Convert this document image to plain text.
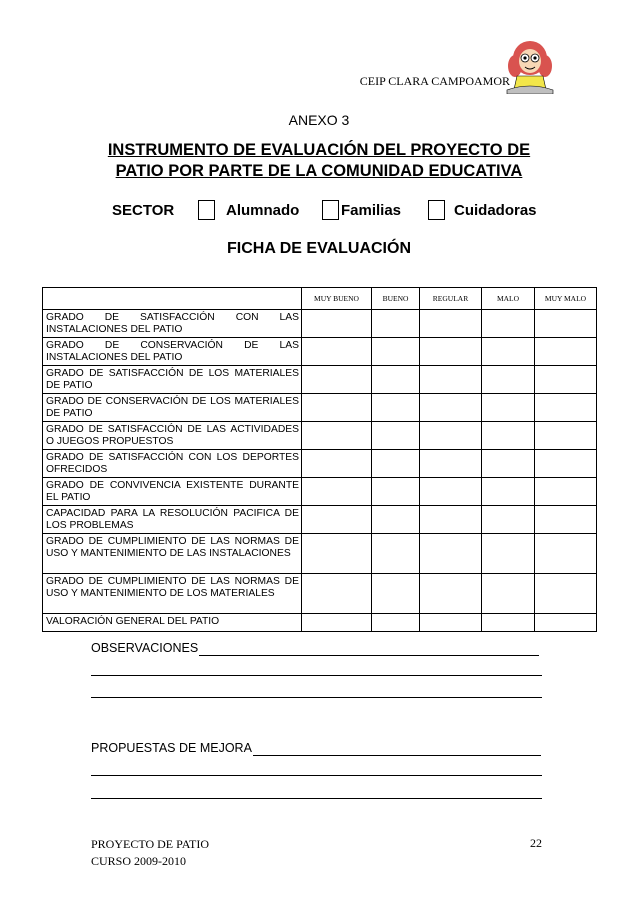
CEIP CLARA CAMPOAMOR
ANEXO 3
INSTRUMENTO DE EVALUACIÓN DEL PROYECTO DE
PATIO POR PARTE DE LA COMUNIDAD EDUCATIVA
SECTOR	Alumnado	Familias	Cuidadoras
FICHA DE EVALUACIÓN
	MUY BUENO	BUENO	REGULAR	MALO	MUY MALO
GRADO DE SATISFACCIÓN CON LAS INSTALACIONES DEL PATIO					
GRADO DE CONSERVACIÓN DE LAS INSTALACIONES DEL PATIO					
GRADO DE SATISFACCIÓN DE LOS MATERIALES DE PATIO					
GRADO DE CONSERVACIÓN DE LOS MATERIALES DE PATIO					
GRADO DE SATISFACCIÓN DE LAS ACTIVIDADES O JUEGOS PROPUESTOS					
GRADO DE SATISFACCIÓN CON LOS DEPORTES OFRECIDOS					
GRADO DE CONVIVENCIA EXISTENTE DURANTE EL PATIO					
CAPACIDAD PARA LA RESOLUCIÓN PACIFICA DE LOS PROBLEMAS					
GRADO DE CUMPLIMIENTO DE LAS NORMAS DE USO Y MANTENIMIENTO DE LAS INSTALACIONES					
GRADO DE CUMPLIMIENTO DE LAS NORMAS DE USO Y MANTENIMIENTO DE LOS MATERIALES					
VALORACIÓN GENERAL DEL PATIO					
OBSERVACIONES
PROPUESTAS DE MEJORA
PROYECTO DE PATIO
CURSO 2009-2010
22
